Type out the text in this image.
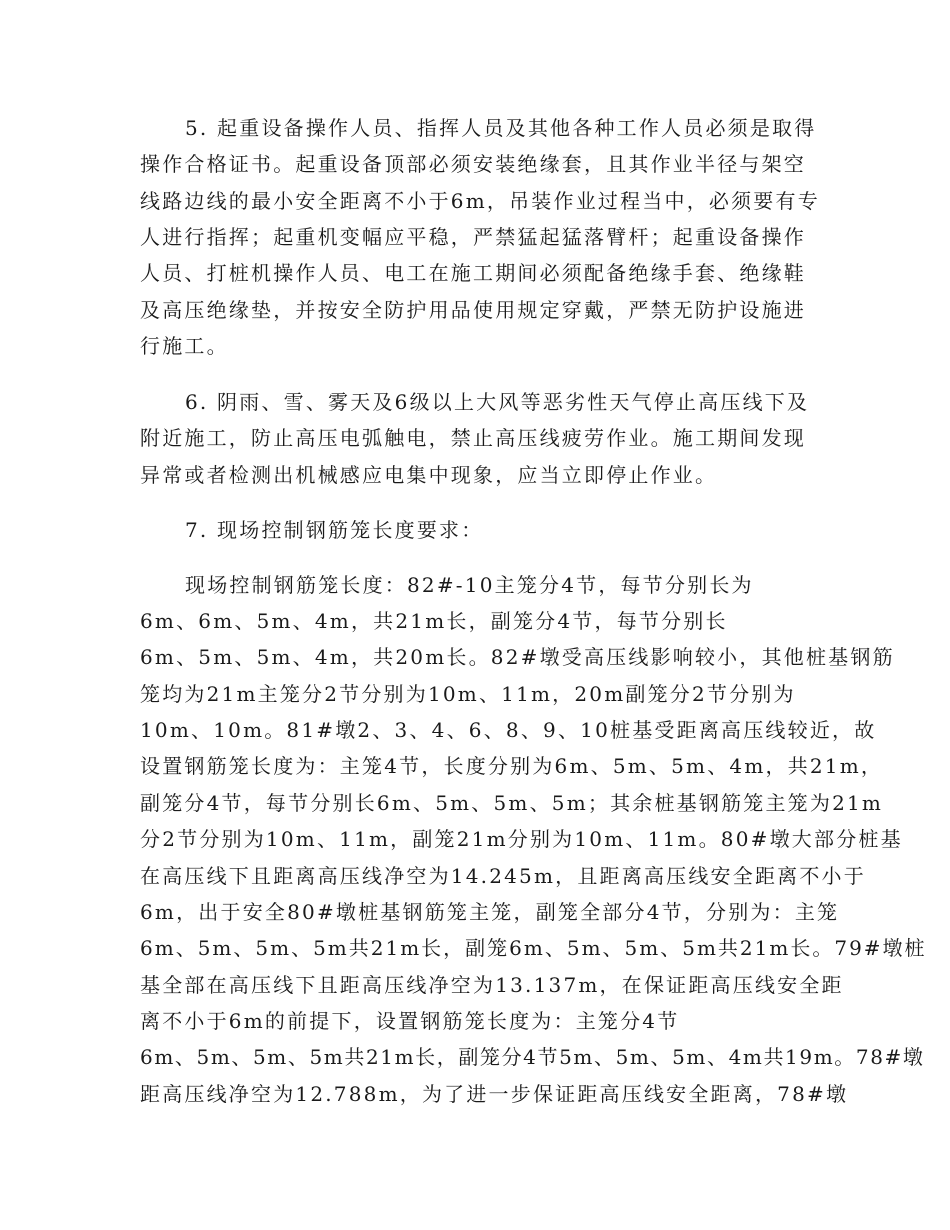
5. 起重设备操作人员、指挥人员及其他各种工作人员必须是取得
操作合格证书。起重设备顶部必须安装绝缘套，且其作业半径与架空
线路边线的最小安全距离不小于6m，吊装作业过程当中，必须要有专
人进行指挥；起重机变幅应平稳，严禁猛起猛落臂杆；起重设备操作
人员、打桩机操作人员、电工在施工期间必须配备绝缘手套、绝缘鞋
及高压绝缘垫，并按安全防护用品使用规定穿戴，严禁无防护设施进
行施工。
6. 阴雨、雪、雾天及6级以上大风等恶劣性天气停止高压线下及
附近施工，防止高压电弧触电，禁止高压线疲劳作业。施工期间发现
异常或者检测出机械感应电集中现象，应当立即停止作业。
7. 现场控制钢筋笼长度要求：
现场控制钢筋笼长度：82#-10主笼分4节，每节分别长为
6m、6m、5m、4m，共21m长，副笼分4节，每节分别长
6m、5m、5m、4m，共20m长。82#墩受高压线影响较小，其他桩基钢筋
笼均为21m主笼分2节分别为10m、11m，20m副笼分2节分别为
10m、10m。81#墩2、3、4、6、8、9、10桩基受距离高压线较近，故
设置钢筋笼长度为：主笼4节，长度分别为6m、5m、5m、4m，共21m，
副笼分4节，每节分别长6m、5m、5m、5m；其余桩基钢筋笼主笼为21m
分2节分别为10m、11m，副笼21m分别为10m、11m。80#墩大部分桩基
在高压线下且距离高压线净空为14.245m，且距离高压线安全距离不小于
6m，出于安全80#墩桩基钢筋笼主笼，副笼全部分4节，分别为：主笼
6m、5m、5m、5m共21m长，副笼6m、5m、5m、5m共21m长。79#墩桩
基全部在高压线下且距高压线净空为13.137m，在保证距高压线安全距
离不小于6m的前提下，设置钢筋笼长度为：主笼分4节
6m、5m、5m、5m共21m长，副笼分4节5m、5m、5m、4m共19m。78#墩
距高压线净空为12.788m，为了进一步保证距高压线安全距离，78#墩
